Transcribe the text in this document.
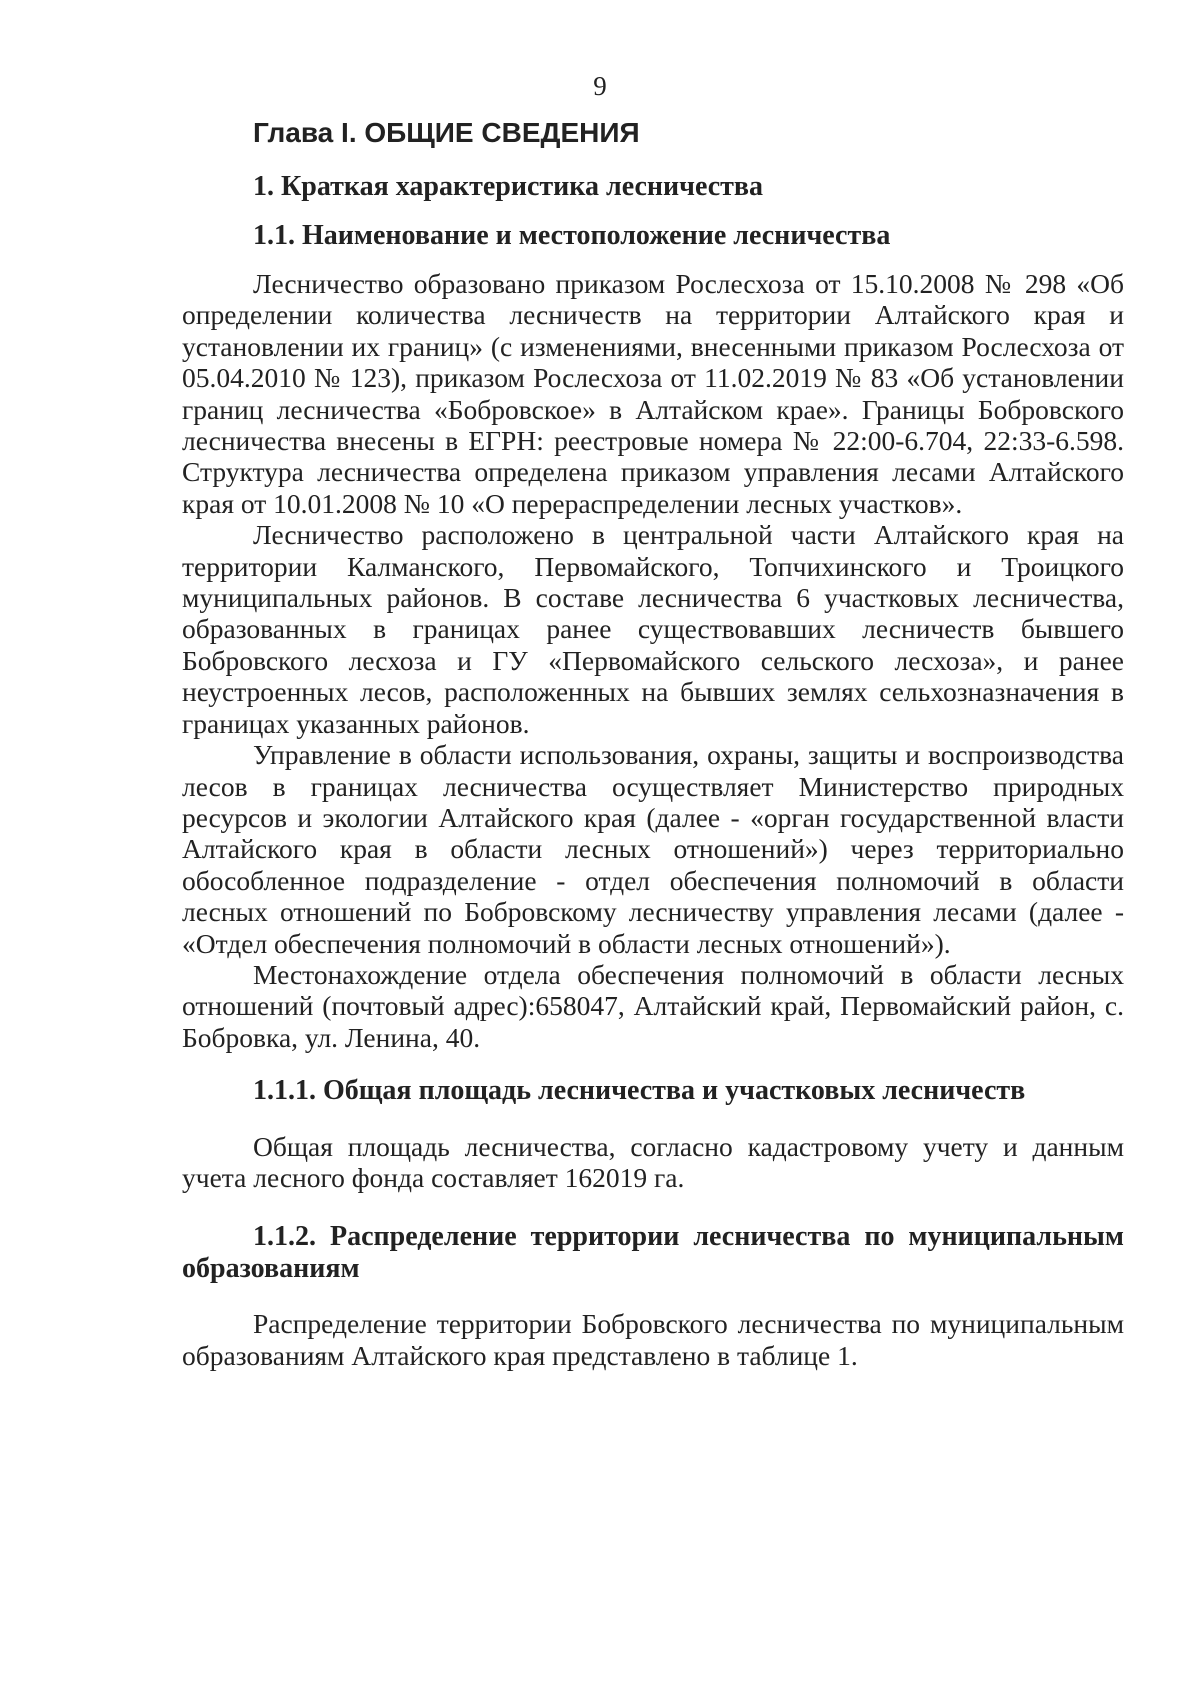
9
Глава I. ОБЩИЕ СВЕДЕНИЯ
1. Краткая характеристика лесничества
1.1. Наименование и местоположение лесничества

Лесничество образовано приказом Рослесхоза от 15.10.2008 № 298 «Об определении количества лесничеств на территории Алтайского края и установлении их границ» (с изменениями, внесенными приказом Рослесхоза от 05.04.2010 № 123), приказом Рослесхоза от 11.02.2019 № 83 «Об установлении границ лесничества «Бобровское» в Алтайском крае». Границы Бобровского лесничества внесены в ЕГРН: реестровые номера № 22:00-6.704, 22:33-6.598. Структура лесничества определена приказом управления лесами Алтайского края от 10.01.2008 № 10 «О перераспределении лесных участков».

Лесничество расположено в центральной части Алтайского края на территории Калманского, Первомайского, Топчихинского и Троицкого муниципальных районов. В составе лесничества 6 участковых лесничества, образованных в границах ранее существовавших лесничеств бывшего Бобровского лесхоза и ГУ «Первомайского сельского лесхоза», и ранее неустроенных лесов, расположенных на бывших землях сельхозназначения в границах указанных районов.

Управление в области использования, охраны, защиты и воспроизводства лесов в границах лесничества осуществляет Министерство природных ресурсов и экологии Алтайского края (далее - «орган государственной власти Алтайского края в области лесных отношений») через территориально обособленное подразделение - отдел обеспечения полномочий в области лесных отношений по Бобровскому лесничеству управления лесами (далее - «Отдел обеспечения полномочий в области лесных отношений»).

Местонахождение отдела обеспечения полномочий в области лесных отношений (почтовый адрес):658047, Алтайский край, Первомайский район, с. Бобровка, ул. Ленина, 40.

1.1.1. Общая площадь лесничества и участковых лесничеств

Общая площадь лесничества, согласно кадастровому учету и данным учета лесного фонда составляет 162019 га.

1.1.2. Распределение территории лесничества по муниципальным образованиям

Распределение территории Бобровского лесничества по муниципальным образованиям Алтайского края представлено в таблице 1.
